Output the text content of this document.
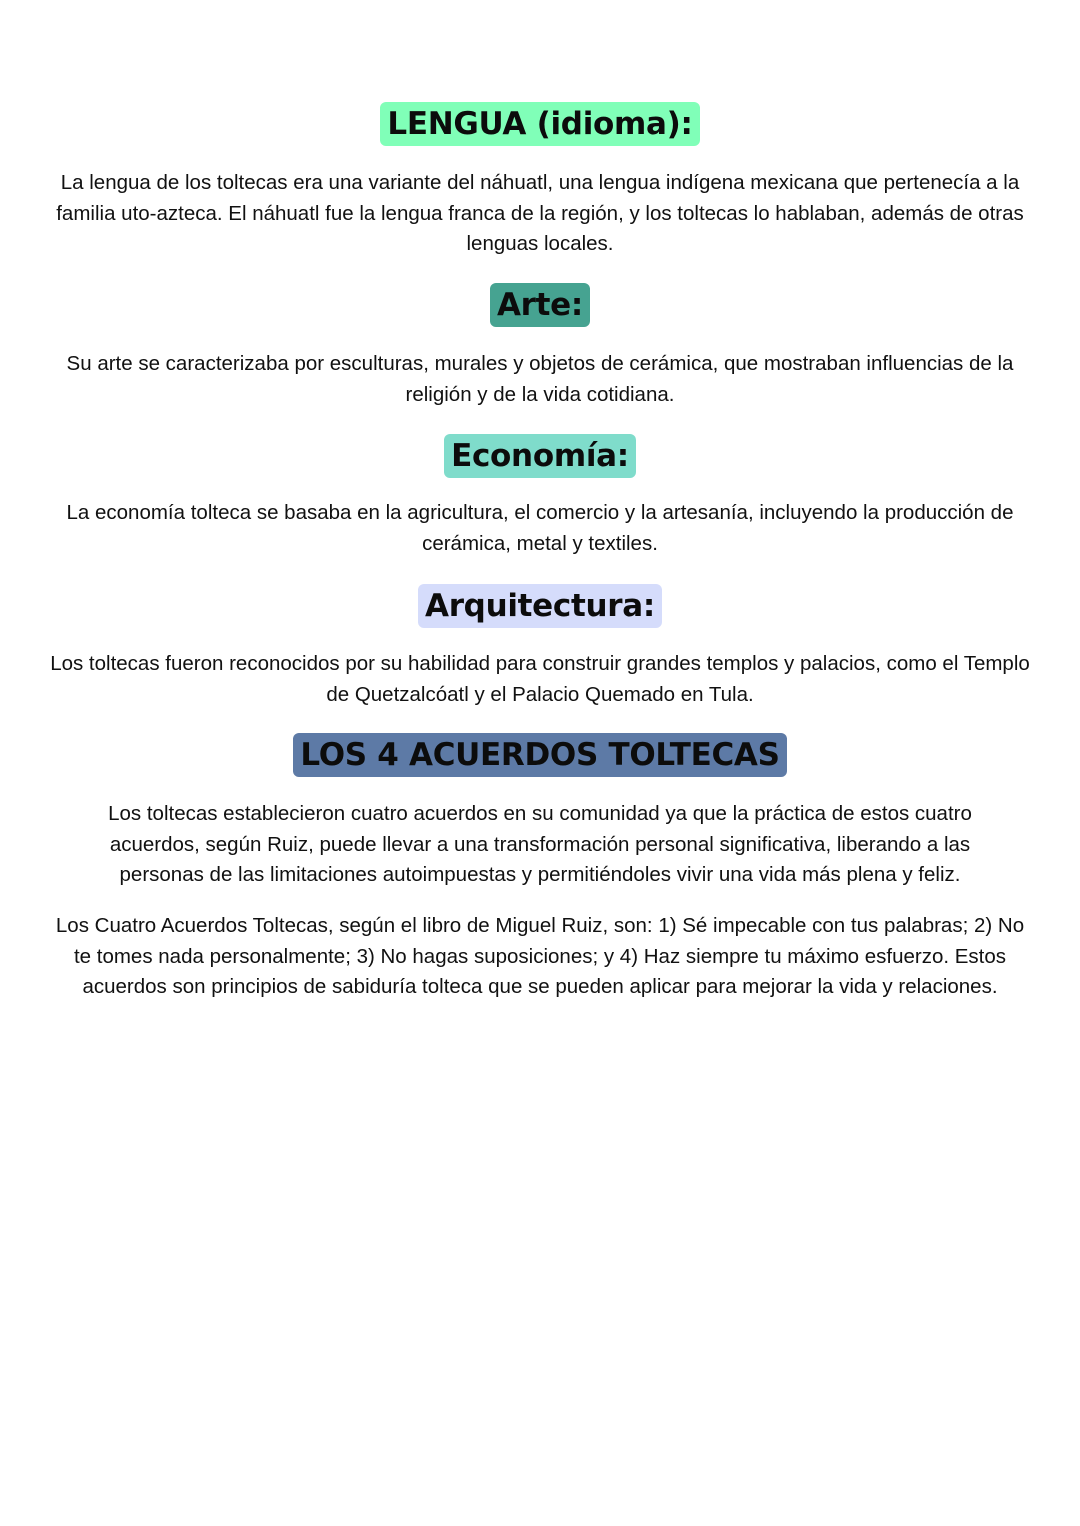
LENGUA (idioma):

La lengua de los toltecas era una variante del náhuatl, una lengua indígena mexicana que pertenecía a la familia uto-azteca. El náhuatl fue la lengua franca de la región, y los toltecas lo hablaban, además de otras lenguas locales.

Arte:

Su arte se caracterizaba por esculturas, murales y objetos de cerámica, que mostraban influencias de la religión y de la vida cotidiana.

Economía:

La economía tolteca se basaba en la agricultura, el comercio y la artesanía, incluyendo la producción de cerámica, metal y textiles.

Arquitectura:

Los toltecas fueron reconocidos por su habilidad para construir grandes templos y palacios, como el Templo de Quetzalcóatl y el Palacio Quemado en Tula.

LOS 4 ACUERDOS TOLTECAS

Los toltecas establecieron cuatro acuerdos en su comunidad ya que la práctica de estos cuatro acuerdos, según Ruiz, puede llevar a una transformación personal significativa, liberando a las personas de las limitaciones autoimpuestas y permitiéndoles vivir una vida más plena y feliz.

Los Cuatro Acuerdos Toltecas, según el libro de Miguel Ruiz, son: 1) Sé impecable con tus palabras; 2) No te tomes nada personalmente; 3) No hagas suposiciones; y 4) Haz siempre tu máximo esfuerzo. Estos acuerdos son principios de sabiduría tolteca que se pueden aplicar para mejorar la vida y relaciones.
